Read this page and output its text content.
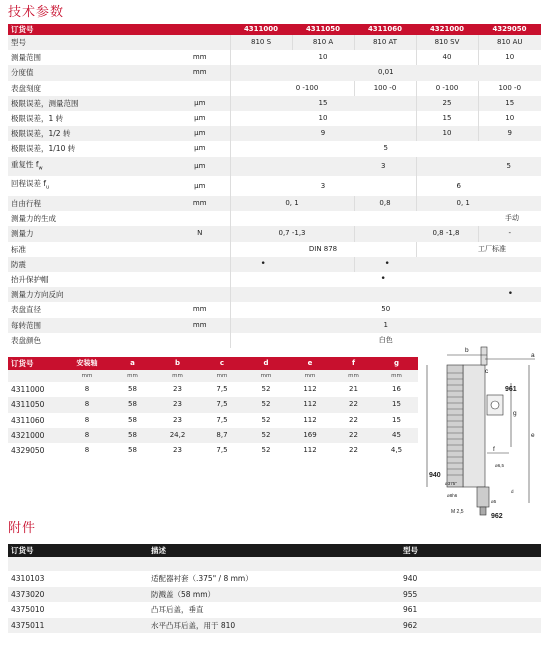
技术参数
订货号		4311000	4311050	4311060	4321000	4329050
型号		810 S	810 A	810 AT	810 SV	810 AU
测量范围	mm	10			40	10
分度值	mm	0,01				
表盘刻度		0 -100		100 -0	0 -100	100 -0
极限误差，测量范围	µm	15			25	15
极限误差，1 转	µm	10			15	10
极限误差，1/2 转	µm	9			10	9
极限误差，1/10 转	µm	5				
重复性 $f_w$	µm	3			5	
回程误差 $f_u$	µm	3			6	
自由行程	mm	0, 1		0,8	0, 1	
测量力的生成		手动				
测量力	N	0,7 -1,3		0,8 -1,8		-
标准		DIN 878			工厂标准	
防震		•		•		
抬升保护帽		•				
测量力方向反向		•				
表盘直径	mm	50				
每转范围	mm	1				
表盘颜色		白色				
订货号	安装轴	a	b	c	d	e	f	g
	mm	mm	mm	mm	mm	mm	mm	mm
4311000	8	58	23	7,5	52	112	21	16
4311050	8	58	23	7,5	52	112	22	15
4311060	8	58	23	7,5	52	112	22	15
4321000	8	58	24,2	8,7	52	169	22	45
4329050	8	58	23	7,5	52	112	22	4,5
b
c
a
961
g
e
f
ø6,5
940
ø375"
ø8h6
ø5
M 2,5
962
d
附件
订货号	描述	型号

4310103	适配器衬套（.375" / 8 mm）	940
4373020	防溅盖（58 mm）	955
4375010	凸耳后盖，垂直	961
4375011	水平凸耳后盖，用于 810	962
